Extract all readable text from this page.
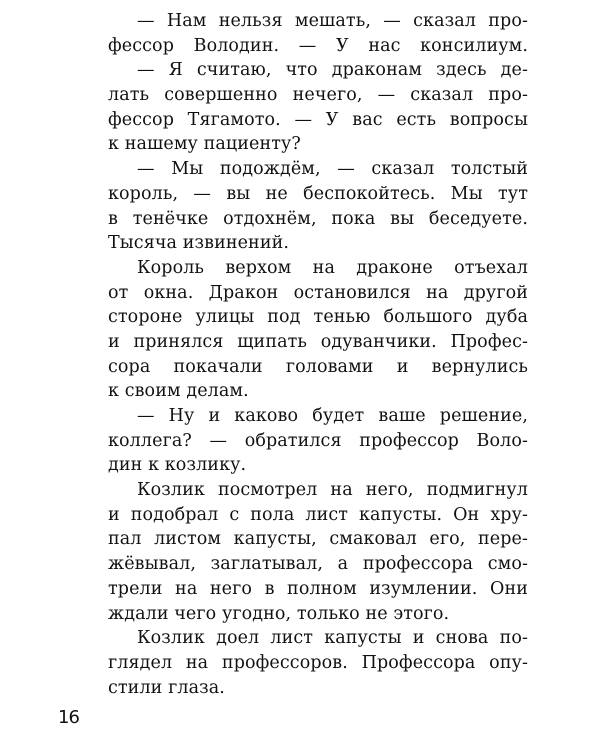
— Нам нельзя мешать, — сказал про-
фессор Володин. — У нас консилиум.
— Я считаю, что драконам здесь де-
лать совершенно нечего, — сказал про-
фессор Тягамото. — У вас есть вопросы
к нашему пациенту?
— Мы подождём, — сказал толстый
король, — вы не беспокойтесь. Мы тут
в тенёчке отдохнём, пока вы беседуете.
Тысяча извинений.
Король верхом на драконе отъехал
от окна. Дракон остановился на другой
стороне улицы под тенью большого дуба
и принялся щипать одуванчики. Профес-
сора покачали головами и вернулись
к своим делам.
— Ну и каково будет ваше решение,
коллега? — обратился профессор Воло-
дин к козлику.
Козлик посмотрел на него, подмигнул
и подобрал с пола лист капусты. Он хру-
пал листом капусты, смаковал его, пере-
жёвывал, заглатывал, а профессора смо-
трели на него в полном изумлении. Они
ждали чего угодно, только не этого.
Козлик доел лист капусты и снова по-
глядел на профессоров. Профессора опу-
стили глаза.
16
